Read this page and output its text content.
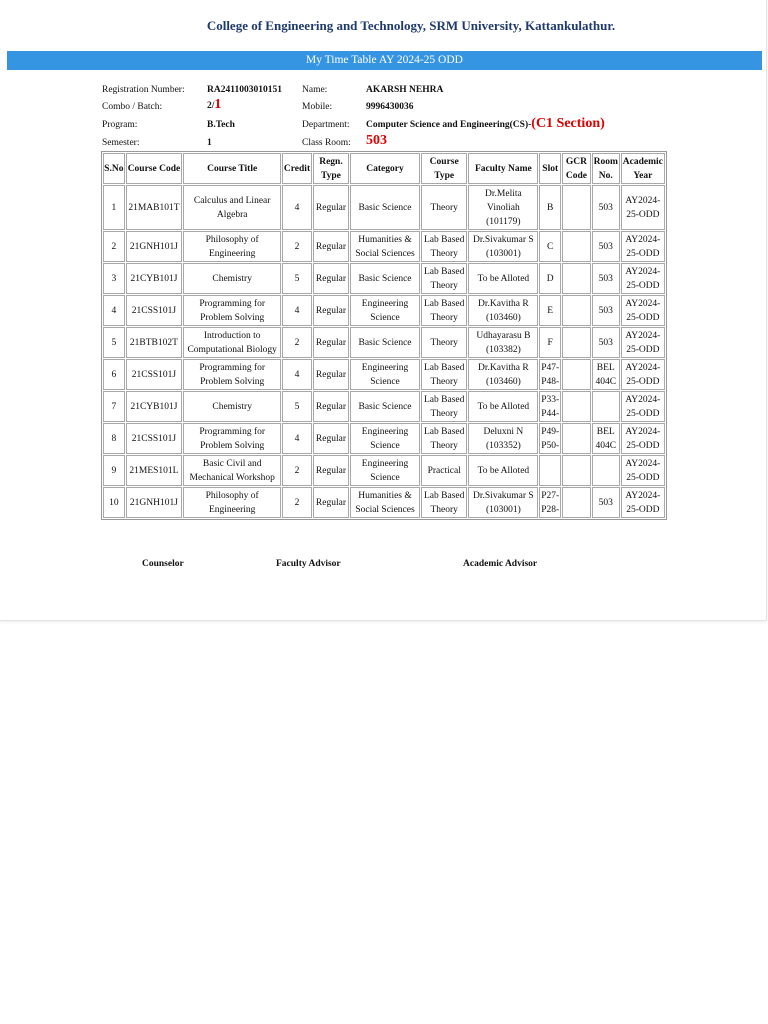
College of Engineering and Technology, SRM University, Kattankulathur.
My Time Table AY 2024-25 ODD
Registration Number: RA2411003010151
Combo / Batch:	2/1
Program:	B.Tech
Semester:	1
Name:	AKARSH NEHRA
Mobile:	9996430036
Department: Computer Science and Engineering(CS)-(C1 Section)
Class Room: 503
S.No	Course Code	Course Title	Credit	Regn. Type	Category	Course Type	Faculty Name	Slot	GCR Code	Room No.	Academic Year
1	21MAB101T	Calculus and Linear Algebra	4	Regular	Basic Science	Theory	Dr.Melita Vinoliah (101179)	B		503	AY2024-25-ODD
2	21GNH101J	Philosophy of Engineering	2	Regular	Humanities & Social Sciences	Lab Based Theory	Dr.Sivakumar S (103001)	C		503	AY2024-25-ODD
3	21CYB101J	Chemistry	5	Regular	Basic Science	Lab Based Theory	To be Alloted	D		503	AY2024-25-ODD
4	21CSS101J	Programming for Problem Solving	4	Regular	Engineering Science	Lab Based Theory	Dr.Kavitha R (103460)	E		503	AY2024-25-ODD
5	21BTB102T	Introduction to Computational Biology	2	Regular	Basic Science	Theory	Udhayarasu B (103382)	F		503	AY2024-25-ODD
6	21CSS101J	Programming for Problem Solving	4	Regular	Engineering Science	Lab Based Theory	Dr.Kavitha R (103460)	P47-P48-		BEL 404C	AY2024-25-ODD
7	21CYB101J	Chemistry	5	Regular	Basic Science	Lab Based Theory	To be Alloted	P33-P44-			AY2024-25-ODD
8	21CSS101J	Programming for Problem Solving	4	Regular	Engineering Science	Lab Based Theory	Deluxni N (103352)	P49-P50-		BEL 404C	AY2024-25-ODD
9	21MES101L	Basic Civil and Mechanical Workshop	2	Regular	Engineering Science	Practical	To be Alloted				AY2024-25-ODD
10	21GNH101J	Philosophy of Engineering	2	Regular	Humanities & Social Sciences	Lab Based Theory	Dr.Sivakumar S (103001)	P27-P28-		503	AY2024-25-ODD
Counselor	Faculty Advisor	Academic Advisor
